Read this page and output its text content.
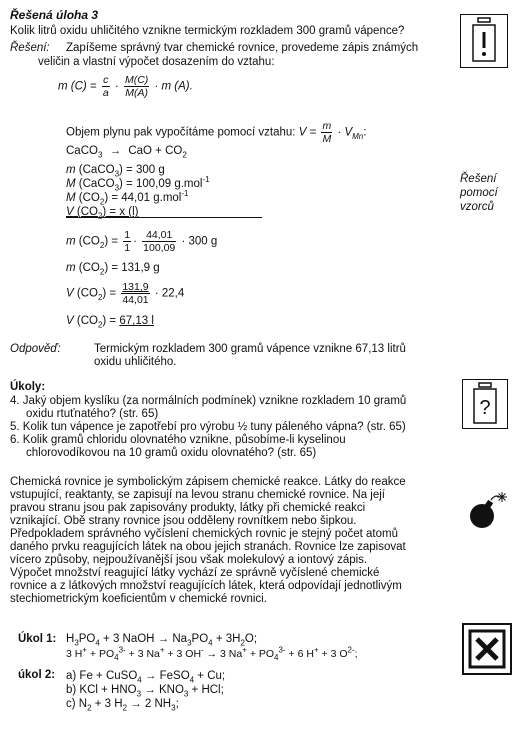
Řešená úloha 3
Kolik litrů oxidu uhličitého vznikne termickým rozkladem 300 gramů vápence?
Řešení: Zapíšeme správný tvar chemické rovnice, provedeme zápis známých
veličin a vlastní výpočet dosazením do vztahu:
m $(C) = \frac{c}{a} \cdot \frac{M(C)}{M(A)} \cdot m$ (A).
Objem plynu pak vypočítáme pomocí vztahu: $V = \frac{m}{M} \cdot V_{Mn}$:
CaCO$_3$ → CaO + $CO_2$
m (CaCO$_3$) = 300 g
M (CaCO$_3$) = 100,09 g.mol$^{-1}$
M $(CO_2) = 44,01$ g.mol$^{-1}$
V $(CO_2) = x$ (l)
m $(CO_2) = \frac{1}{1} \cdot \frac{44,01}{100,09} \cdot 300$ g
m $(CO_2) = 131,9$ g
V $(CO_2) = \frac{131,9}{44,01} \cdot 22,4$
V $(CO_2) = 67,13$ l
Řešení
pomocí
vzorců
Odpověď:	Termickým rozkladem 300 gramů vápence vznikne 67,13 litrů
oxidu uhličitého.
Úkoly:
4. Jaký objem kyslíku (za normálních podmínek) vznikne rozkladem 10 gramů
oxidu rtuťnatého? (str. 65)
5. Kolik tun vápence je zapotřebí pro výrobu ½ tuny páleného vápna? (str. 65)
6. Kolik gramů chloridu olovnatého vznikne, působíme-li kyselinou
chlorovodíkovou na 10 gramů oxidu olovnatého? (str. 65)
?
Chemická rovnice je symbolickým zápisem chemické reakce. Látky do reakce
vstupující, reaktanty, se zapisují na levou stranu chemické rovnice. Na její
pravou stranu jsou pak zapisovány produkty, látky při chemické reakci
vznikající. Obě strany rovnice jsou odděleny rovnítkem nebo šipkou.
Předpokladem správného vyčíslení chemických rovnic je stejný počet atomů
daného prvku reagujících látek na obou jejich stranách. Rovnice lze zapisovat
vícero způsoby, nejpoužívanější jsou však molekulový a iontový zápis.
Výpočet množství reagující látky vychází ze správně vyčíslené chemické
rovnice a z látkových množství reagujících látek, která odpovídají jednotlivým
stechiometrickým koeficientům v chemické rovnici.
Úkol 1: $H_3PO_4 + 3$ NaOH → $Na_3PO_4 + 3H_2O$;
3 $H^+ + PO_4^{3-} + 3$ Na+ + 3 OH- → 3 $Na^+ + PO_4^{3-} + 6$ H+ + 3 $O^{2-}$;
úkol 2: a) Fe + CuSO$_4$ → FeSO$_4$ + Cu;
b) KCl + $HNO_3 \to KNO_3$ + HCl;
c) $N_2 + 3$ $H_2 \to 2$ $NH_3$;
